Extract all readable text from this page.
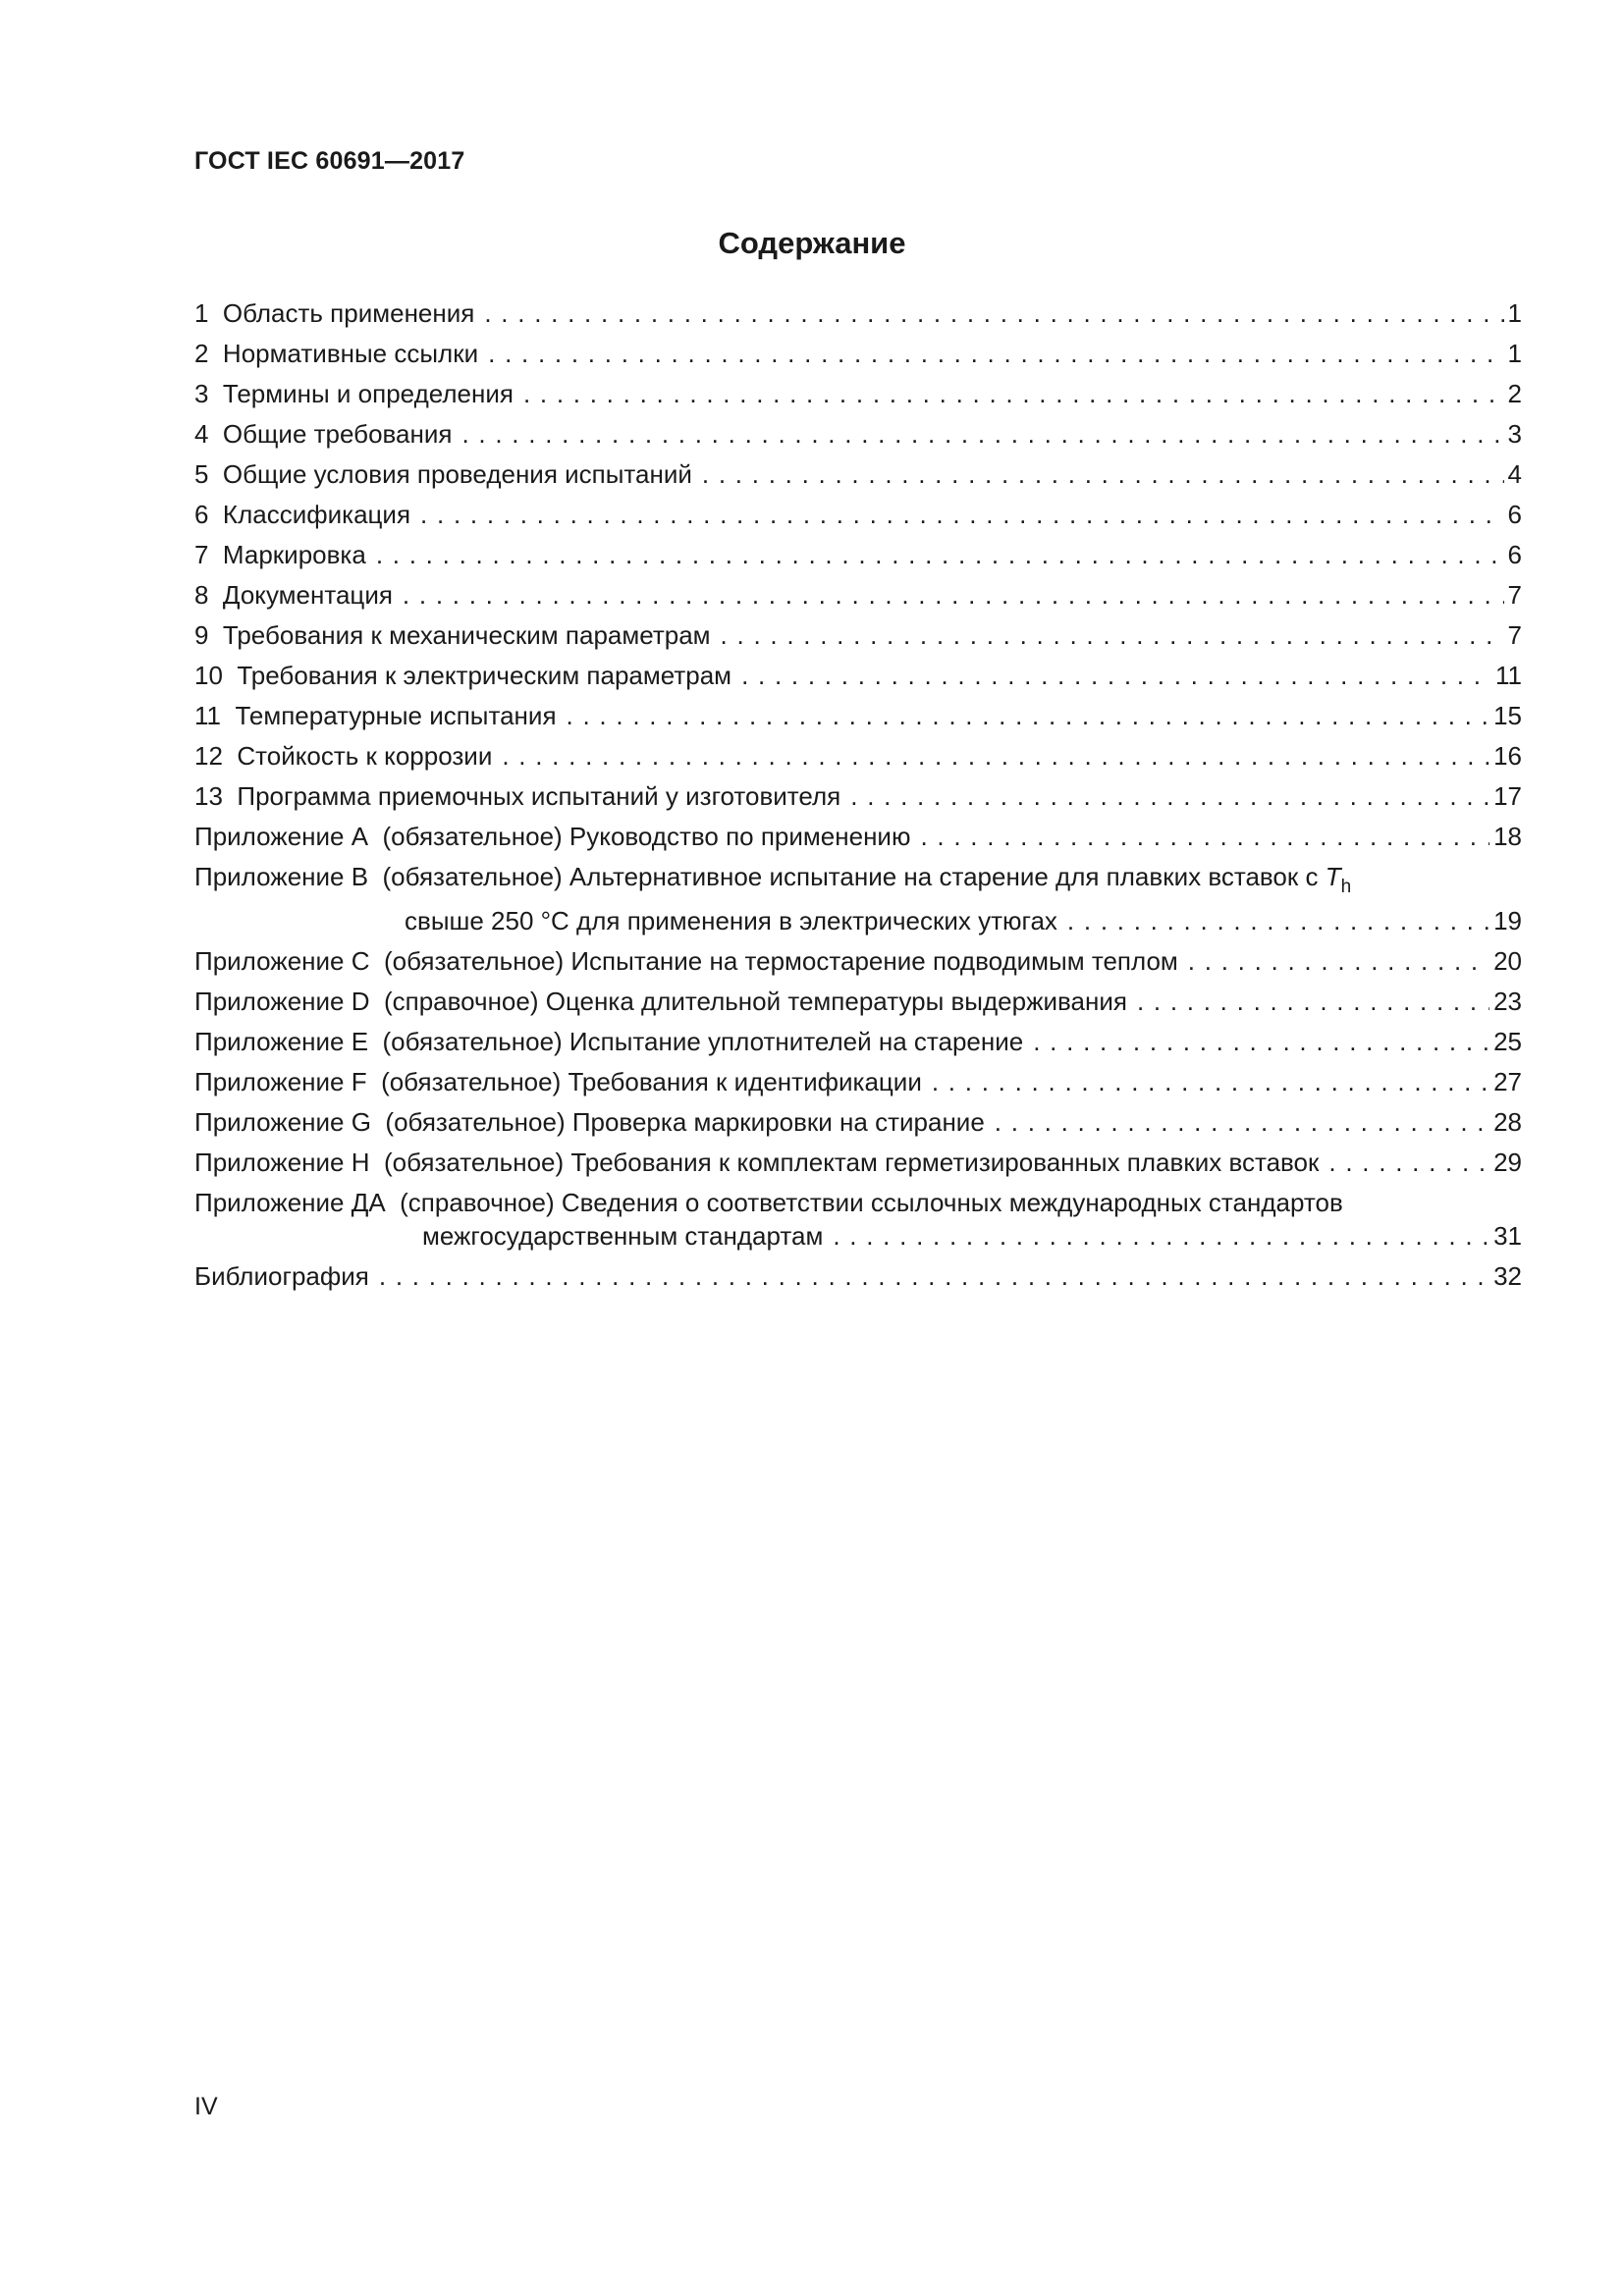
ГОСТ IEC 60691—2017
Содержание
1 Область применения . . .	1
2 Нормативные ссылки . . .	1
3 Термины и определения . . .	2
4 Общие требования . . .	3
5 Общие условия проведения испытаний . . .	4
6 Классификация . . .	6
7 Маркировка . . .	6
8 Документация . . .	7
9 Требования к механическим параметрам . . .	7
10 Требования к электрическим параметрам . . .	11
11 Температурные испытания . . .	15
12 Стойкость к коррозии . . .	16
13 Программа приемочных испытаний у изготовителя . . .	17
Приложение A (обязательное) Руководство по применению . . .	18
Приложение B (обязательное) Альтернативное испытание на старение для плавких вставок с $T_h$
свыше 250 °C для применения в электрических утюгах . . .	19
Приложение C (обязательное) Испытание на термостарение подводимым теплом . . .	20
Приложение D (справочное) Оценка длительной температуры выдерживания . . .	23
Приложение E (обязательное) Испытание уплотнителей на старение . . .	25
Приложение F (обязательное) Требования к идентификации . . .	27
Приложение G (обязательное) Проверка маркировки на стирание . . .	28
Приложение H (обязательное) Требования к комплектам герметизированных плавких вставок . . .	29
Приложение ДА (справочное) Сведения о соответствии ссылочных международных стандартов
межгосударственным стандартам . . .	31
Библиография . . .	32
IV
